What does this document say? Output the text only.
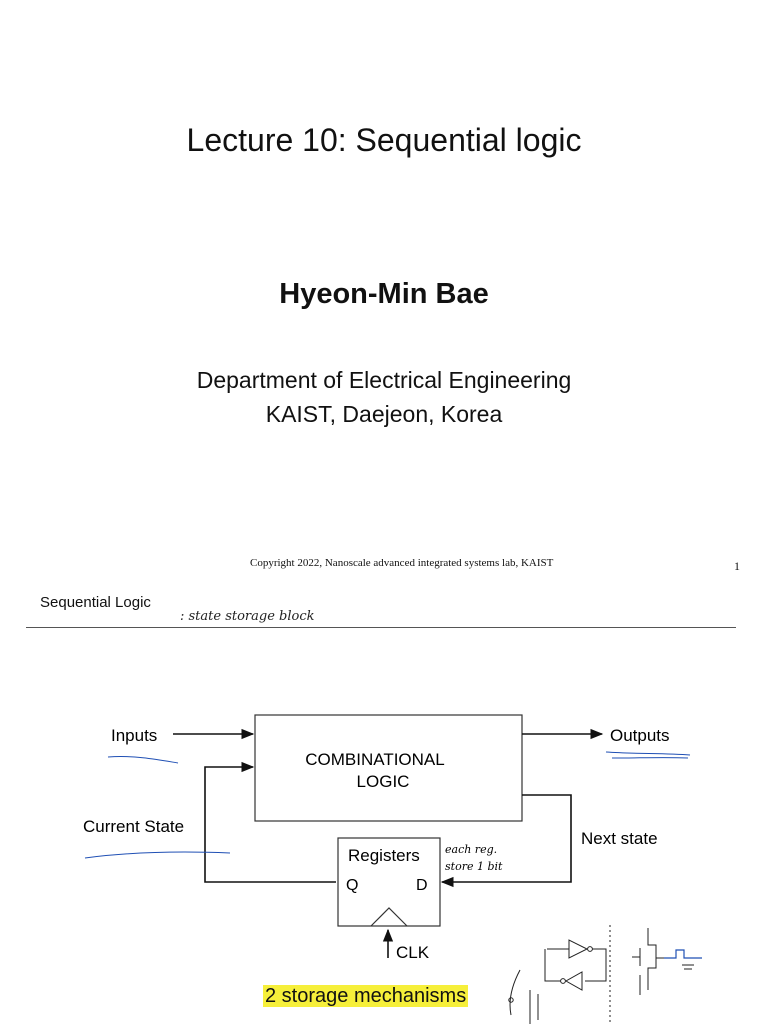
Lecture 10: Sequential logic
Hyeon-Min Bae
Department of Electrical Engineering
KAIST, Daejeon, Korea
Copyright 2022, Nanoscale advanced integrated systems lab, KAIST	1
Sequential Logic
: state storage block
COMBINATIONAL
LOGIC
Inputs	Outputs
Current State
Next state
Registers
Q	D
CLK
each reg.
store 1 bit
2 storage mechanisms
